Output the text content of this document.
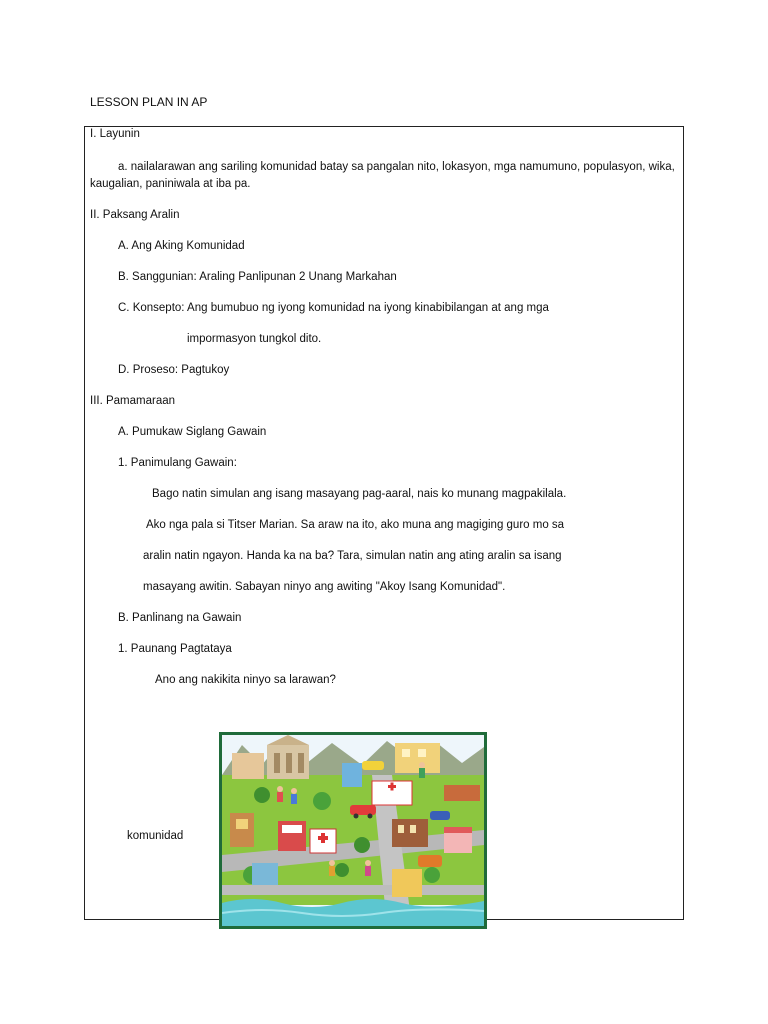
LESSON PLAN IN AP
I. Layunin
a. nailalarawan ang sariling komunidad batay sa pangalan nito, lokasyon, mga namumuno, populasyon, wika, kaugalian, paniniwala at iba pa.
II. Paksang Aralin
A. Ang Aking Komunidad
B. Sanggunian: Araling Panlipunan 2 Unang Markahan
C. Konsepto: Ang bumubuo ng iyong komunidad na iyong kinabibilangan at ang mga
impormasyon tungkol dito.
D. Proseso: Pagtukoy
III. Pamamaraan
A. Pumukaw Siglang Gawain
1. Panimulang Gawain:
Bago natin simulan ang isang masayang pag-aaral, nais ko munang magpakilala.
Ako nga pala si Titser Marian. Sa araw na ito, ako muna ang magiging guro mo sa
aralin natin ngayon. Handa ka na ba? Tara, simulan natin ang ating aralin sa isang
masayang awitin. Sabayan ninyo ang awiting "Akoy Isang Komunidad".
B. Panlinang na Gawain
1. Paunang Pagtataya
Ano ang nakikita ninyo sa larawan?
komunidad
